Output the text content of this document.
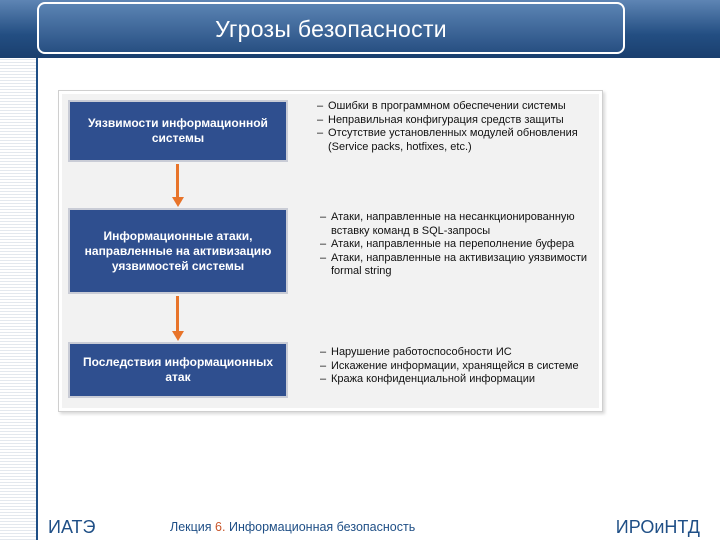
Угрозы безопасности
Уязвимости информационной системы
– Ошибки в программном обеспечении системы
– Неправильная конфигурация средств защиты
– Отсутствие установленных модулей обновления (Service packs, hotfixes, etc.)
Информационные атаки, направленные на активизацию уязвимостей системы
– Атаки, направленные на несанкционированную вставку команд в SQL-запросы
– Атаки, направленные на переполнение буфера
– Атаки, направленные на активизацию уязвимости formal string
Последствия информационных атак
– Нарушение работоспособности ИС
– Искажение информации, хранящейся в системе
– Кража конфиденциальной информации
ИАТЭ	Лекция 6. Информационная безопасность	ИРОиНТД
